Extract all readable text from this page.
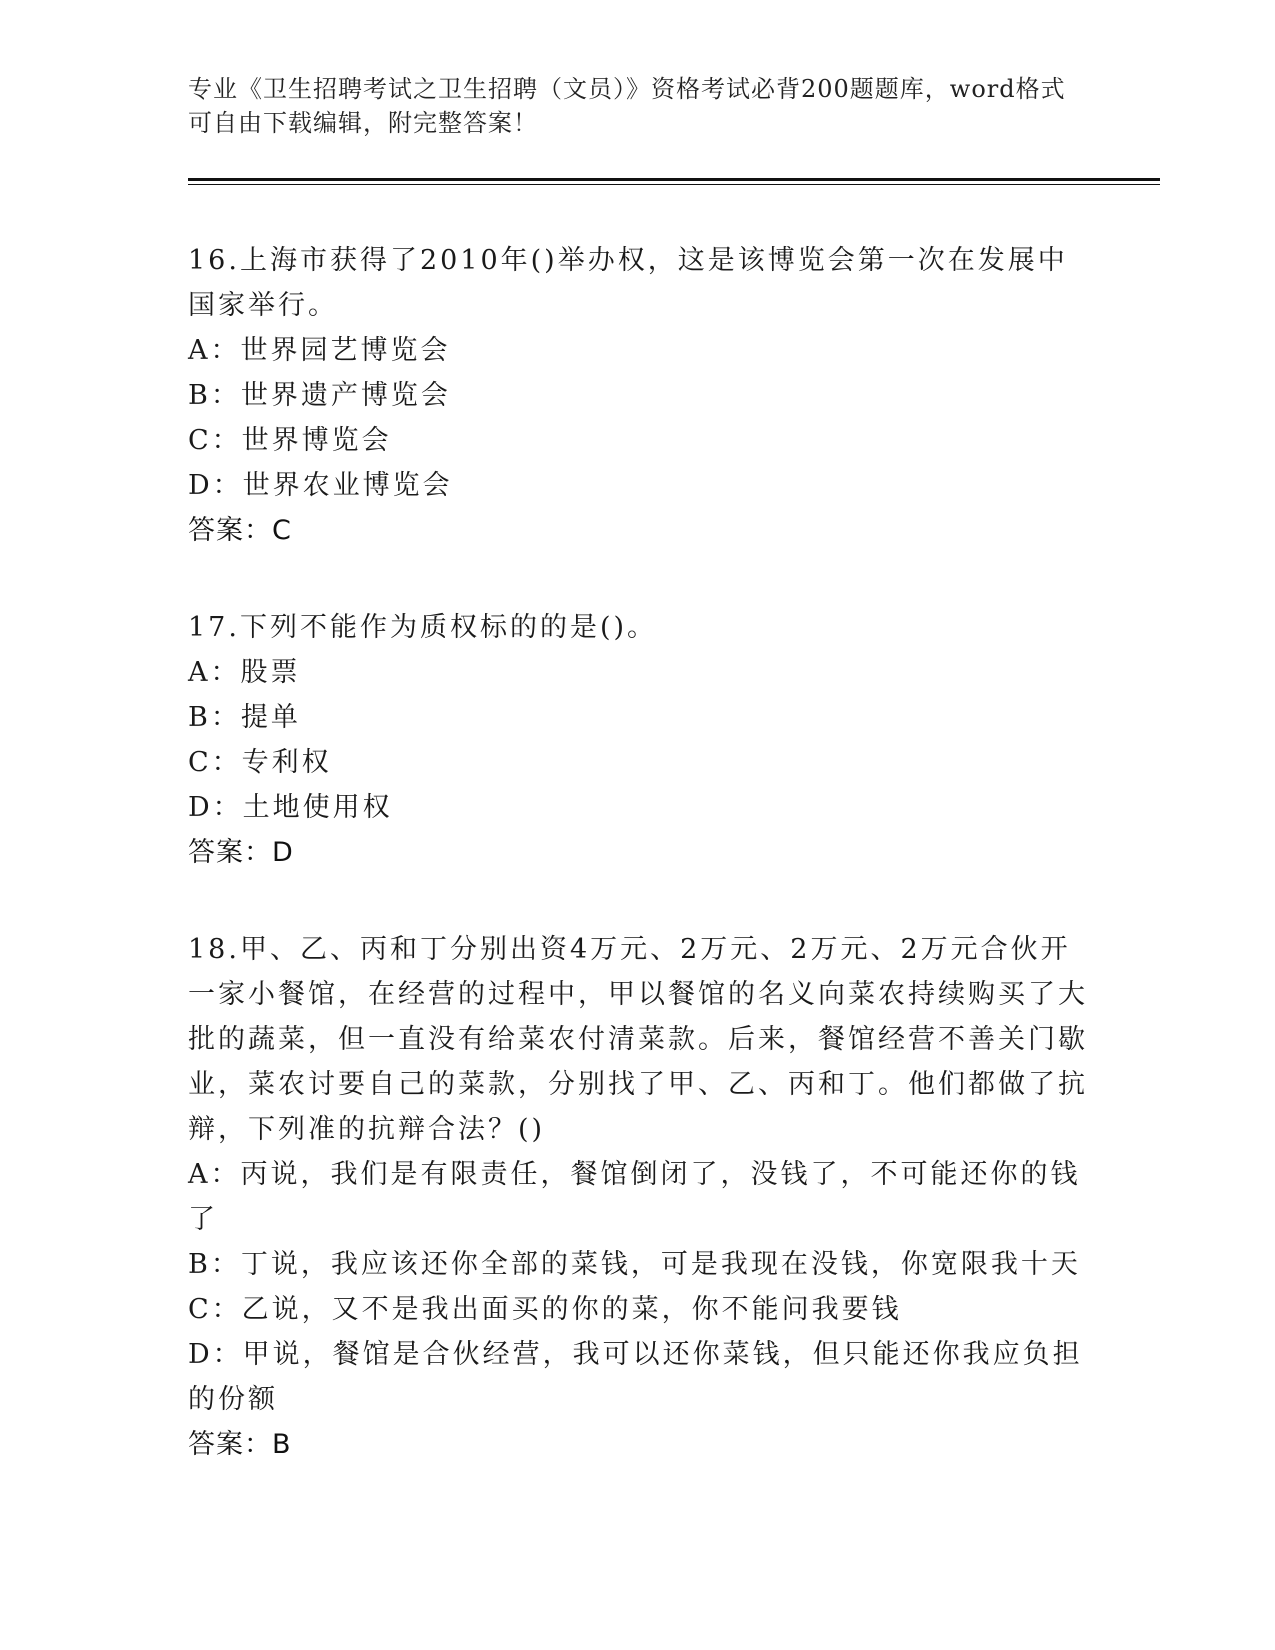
专业《卫生招聘考试之卫生招聘（文员）》资格考试必背200题题库，word格式
可自由下载编辑，附完整答案！

16.上海市获得了2010年()举办权，这是该博览会第一次在发展中国家举行。

A：世界园艺博览会

B：世界遗产博览会

C：世界博览会

D：世界农业博览会

答案：C

17.下列不能作为质权标的的是()。

A：股票

B：提单

C：专利权

D：土地使用权

答案：D

18.甲、乙、丙和丁分别出资4万元、2万元、2万元、2万元合伙开一家小餐馆，在经营的过程中，甲以餐馆的名义向菜农持续购买了大批的蔬菜，但一直没有给菜农付清菜款。后来，餐馆经营不善关门歇业，菜农讨要自己的菜款，分别找了甲、乙、丙和丁。他们都做了抗辩，下列准的抗辩合法？()

A：丙说，我们是有限责任，餐馆倒闭了，没钱了，不可能还你的钱了

B：丁说，我应该还你全部的菜钱，可是我现在没钱，你宽限我十天

C：乙说，又不是我出面买的你的菜，你不能问我要钱

D：甲说，餐馆是合伙经营，我可以还你菜钱，但只能还你我应负担的份额

答案：B
